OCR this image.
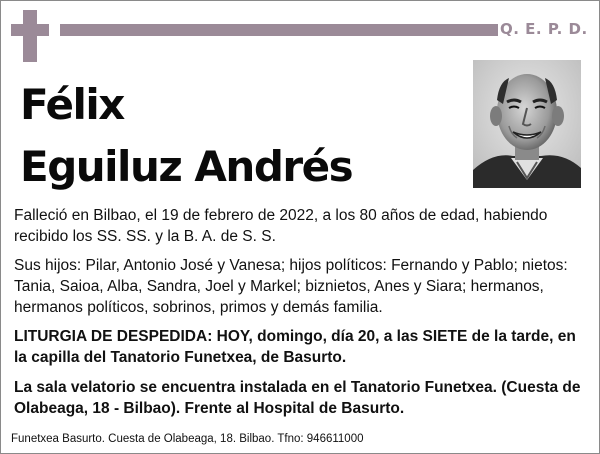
Q. E. P. D.
Félix
Eguiluz Andrés
Falleció en Bilbao, el 19 de febrero de 2022, a los 80 años de edad, habiendo recibido los SS. SS. y la B. A. de S. S.
Sus hijos: Pilar, Antonio José y Vanesa; hijos políticos: Fernando y Pablo; nietos: Tania, Saioa, Alba, Sandra, Joel y Markel; biznietos, Anes y Siara; hermanos, hermanos políticos, sobrinos, primos y demás familia.
LITURGIA DE DESPEDIDA: HOY, domingo, día 20, a las SIETE de la tarde, en la capilla del Tanatorio Funetxea, de Basurto.
La sala velatorio se encuentra instalada en el Tanatorio Funetxea. (Cuesta de Olabeaga, 18 - Bilbao). Frente al Hospital de Basurto.
Funetxea Basurto. Cuesta de Olabeaga, 18. Bilbao. Tfno: 946611000
